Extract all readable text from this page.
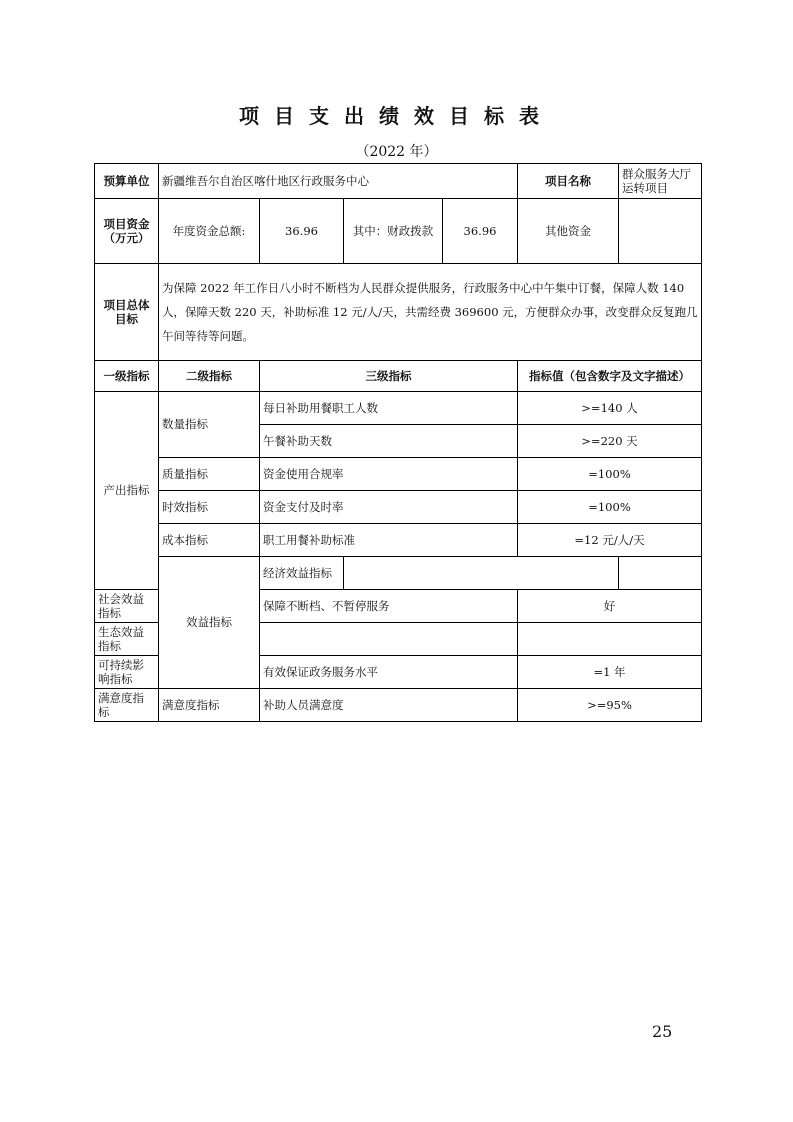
项目支出绩效目标表
（2022 年）
预算单位	新疆维吾尔自治区喀什地区行政服务中心				项目名称	群众服务大厅运转项目
项目资金（万元）	年度资金总额:	36.96	其中：财政拨款	36.96	其他资金	
项目总体目标	为保障 2022 年工作日八小时不断档为人民群众提供服务，行政服务中心中午集中订餐，保障人数 140 人，保障天数 220 天，补助标准 12 元/人/天，共需经费 369600 元，方便群众办事，改变群众反复跑几午间等待等问题。					
一级指标	二级指标	三级指标			指标值（包含数字及文字描述）	
产出指标	数量指标	每日补助用餐职工人数			>=140 人	
		午餐补助天数			>=220 天	
	质量指标	资金使用合规率			=100%	
	时效指标	资金支付及时率			=100%	
	成本指标	职工用餐补助标准			=12 元/人/天	
	效益指标	经济效益指标				
社会效益指标		保障不断档、不暂停服务			好	
生态效益指标						
可持续影响指标		有效保证政务服务水平			=1 年	
满意度指标	满意度指标	补助人员满意度			>=95%	
25
